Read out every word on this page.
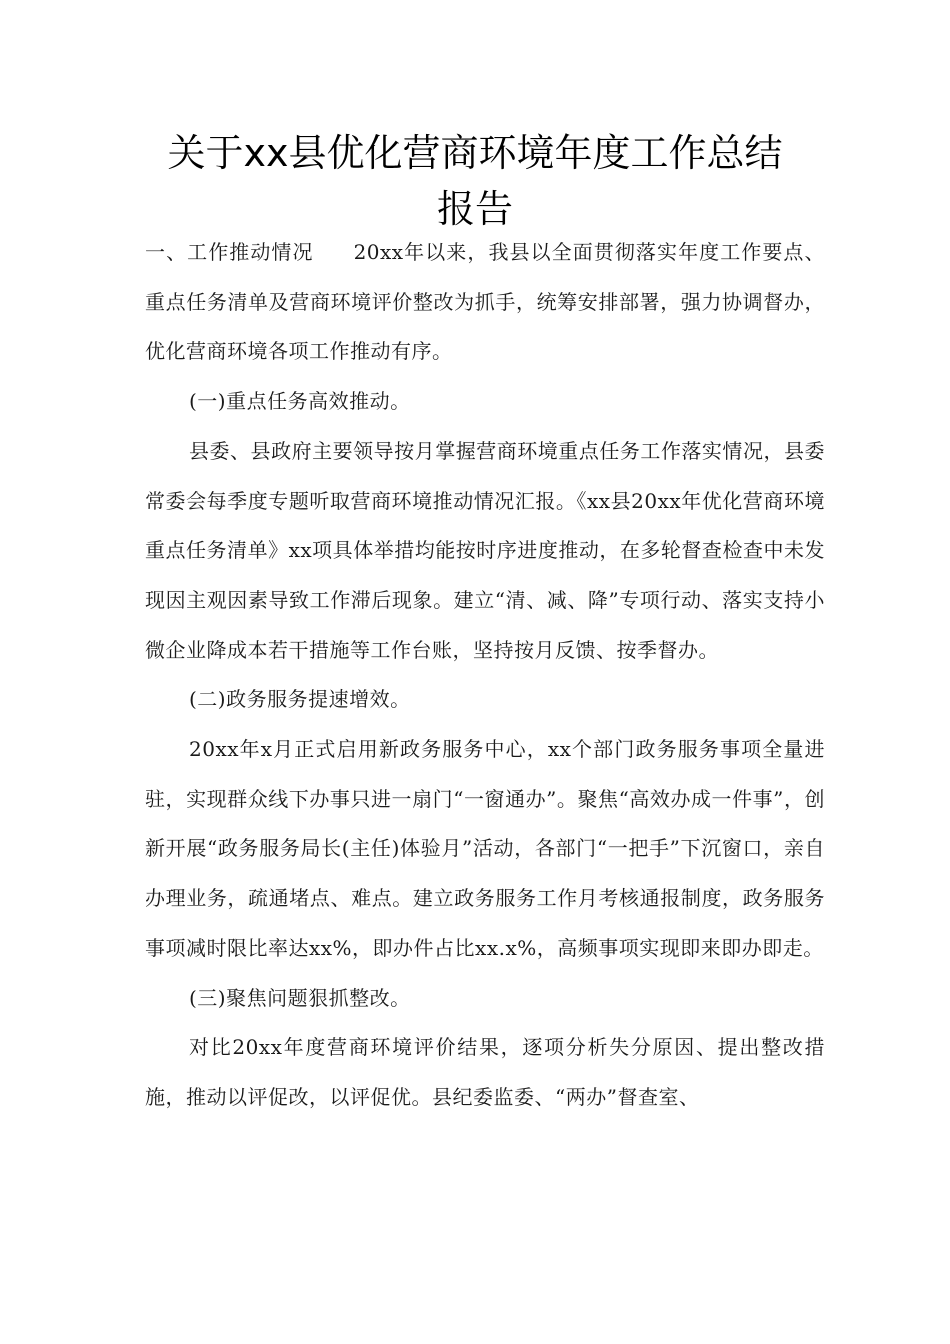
关于xx县优化营商环境年度工作总结
报告

一、工作推动情况 20xx年以来，我县以全面贯彻落实年度工作要点、重点任务清单及营商环境评价整改为抓手，统筹安排部署，强力协调督办，优化营商环境各项工作推动有序。

(一)重点任务高效推动。

县委、县政府主要领导按月掌握营商环境重点任务工作落实情况，县委常委会每季度专题听取营商环境推动情况汇报。《xx县20xx年优化营商环境重点任务清单》xx项具体举措均能按时序进度推动，在多轮督查检查中未发现因主观因素导致工作滞后现象。建立“清、减、降”专项行动、落实支持小微企业降成本若干措施等工作台账，坚持按月反馈、按季督办。

(二)政务服务提速增效。

20xx年x月正式启用新政务服务中心，xx个部门政务服务事项全量进驻，实现群众线下办事只进一扇门“一窗通办”。聚焦“高效办成一件事”，创新开展“政务服务局长(主任)体验月”活动，各部门“一把手”下沉窗口，亲自办理业务，疏通堵点、难点。建立政务服务工作月考核通报制度，政务服务事项减时限比率达xx%，即办件占比xx.x%，高频事项实现即来即办即走。

(三)聚焦问题狠抓整改。

对比20xx年度营商环境评价结果，逐项分析失分原因、提出整改措施，推动以评促改，以评促优。县纪委监委、“两办”督查室、
